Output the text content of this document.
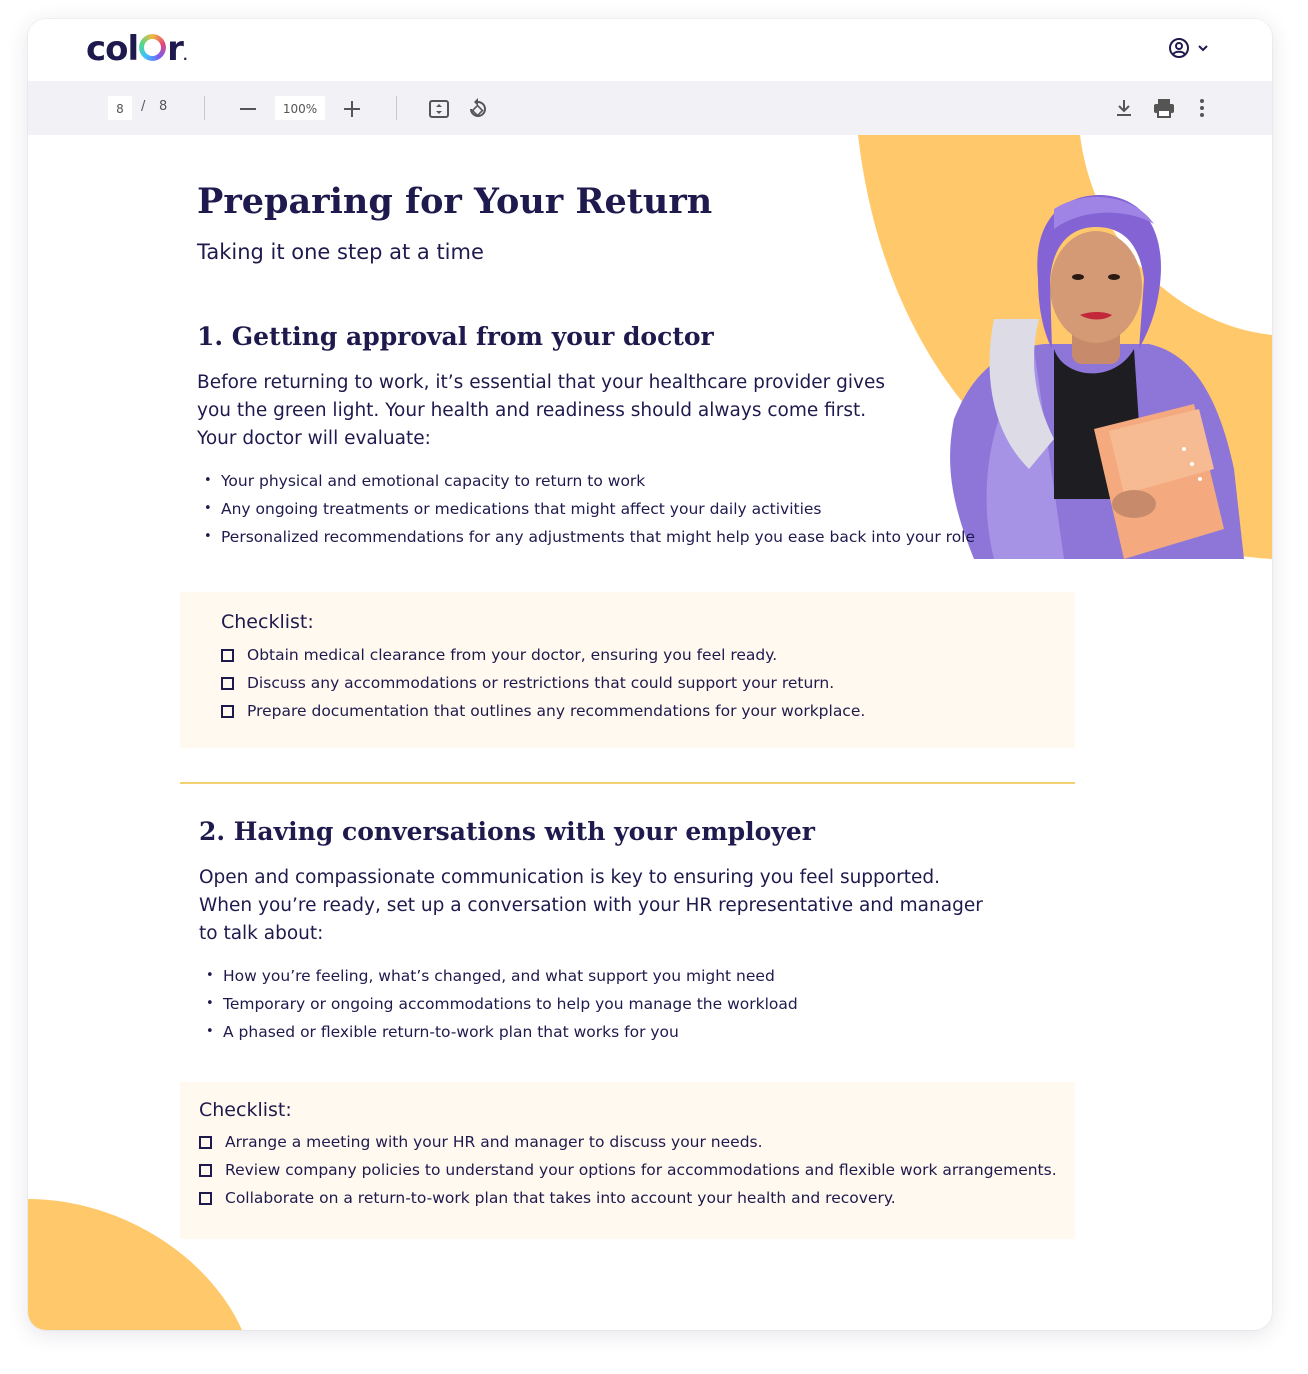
col r.
8	/ 8	100%
Preparing for Your Return
Taking it one step at a time
1. Getting approval from your doctor
Before returning to work, it’s essential that your healthcare provider gives
you the green light. Your health and readiness should always come first.
Your doctor will evaluate:
• Your physical and emotional capacity to return to work
• Any ongoing treatments or medications that might affect your daily activities
• Personalized recommendations for any adjustments that might help you ease back into your role
Checklist:
Obtain medical clearance from your doctor, ensuring you feel ready.
Discuss any accommodations or restrictions that could support your return.
Prepare documentation that outlines any recommendations for your workplace.
2. Having conversations with your employer
Open and compassionate communication is key to ensuring you feel supported.
When you’re ready, set up a conversation with your HR representative and manager
to talk about:
• How you’re feeling, what’s changed, and what support you might need
• Temporary or ongoing accommodations to help you manage the workload
• A phased or flexible return-to-work plan that works for you
Checklist:
Arrange a meeting with your HR and manager to discuss your needs.
Review company policies to understand your options for accommodations and flexible work arrangements.
Collaborate on a return-to-work plan that takes into account your health and recovery.
